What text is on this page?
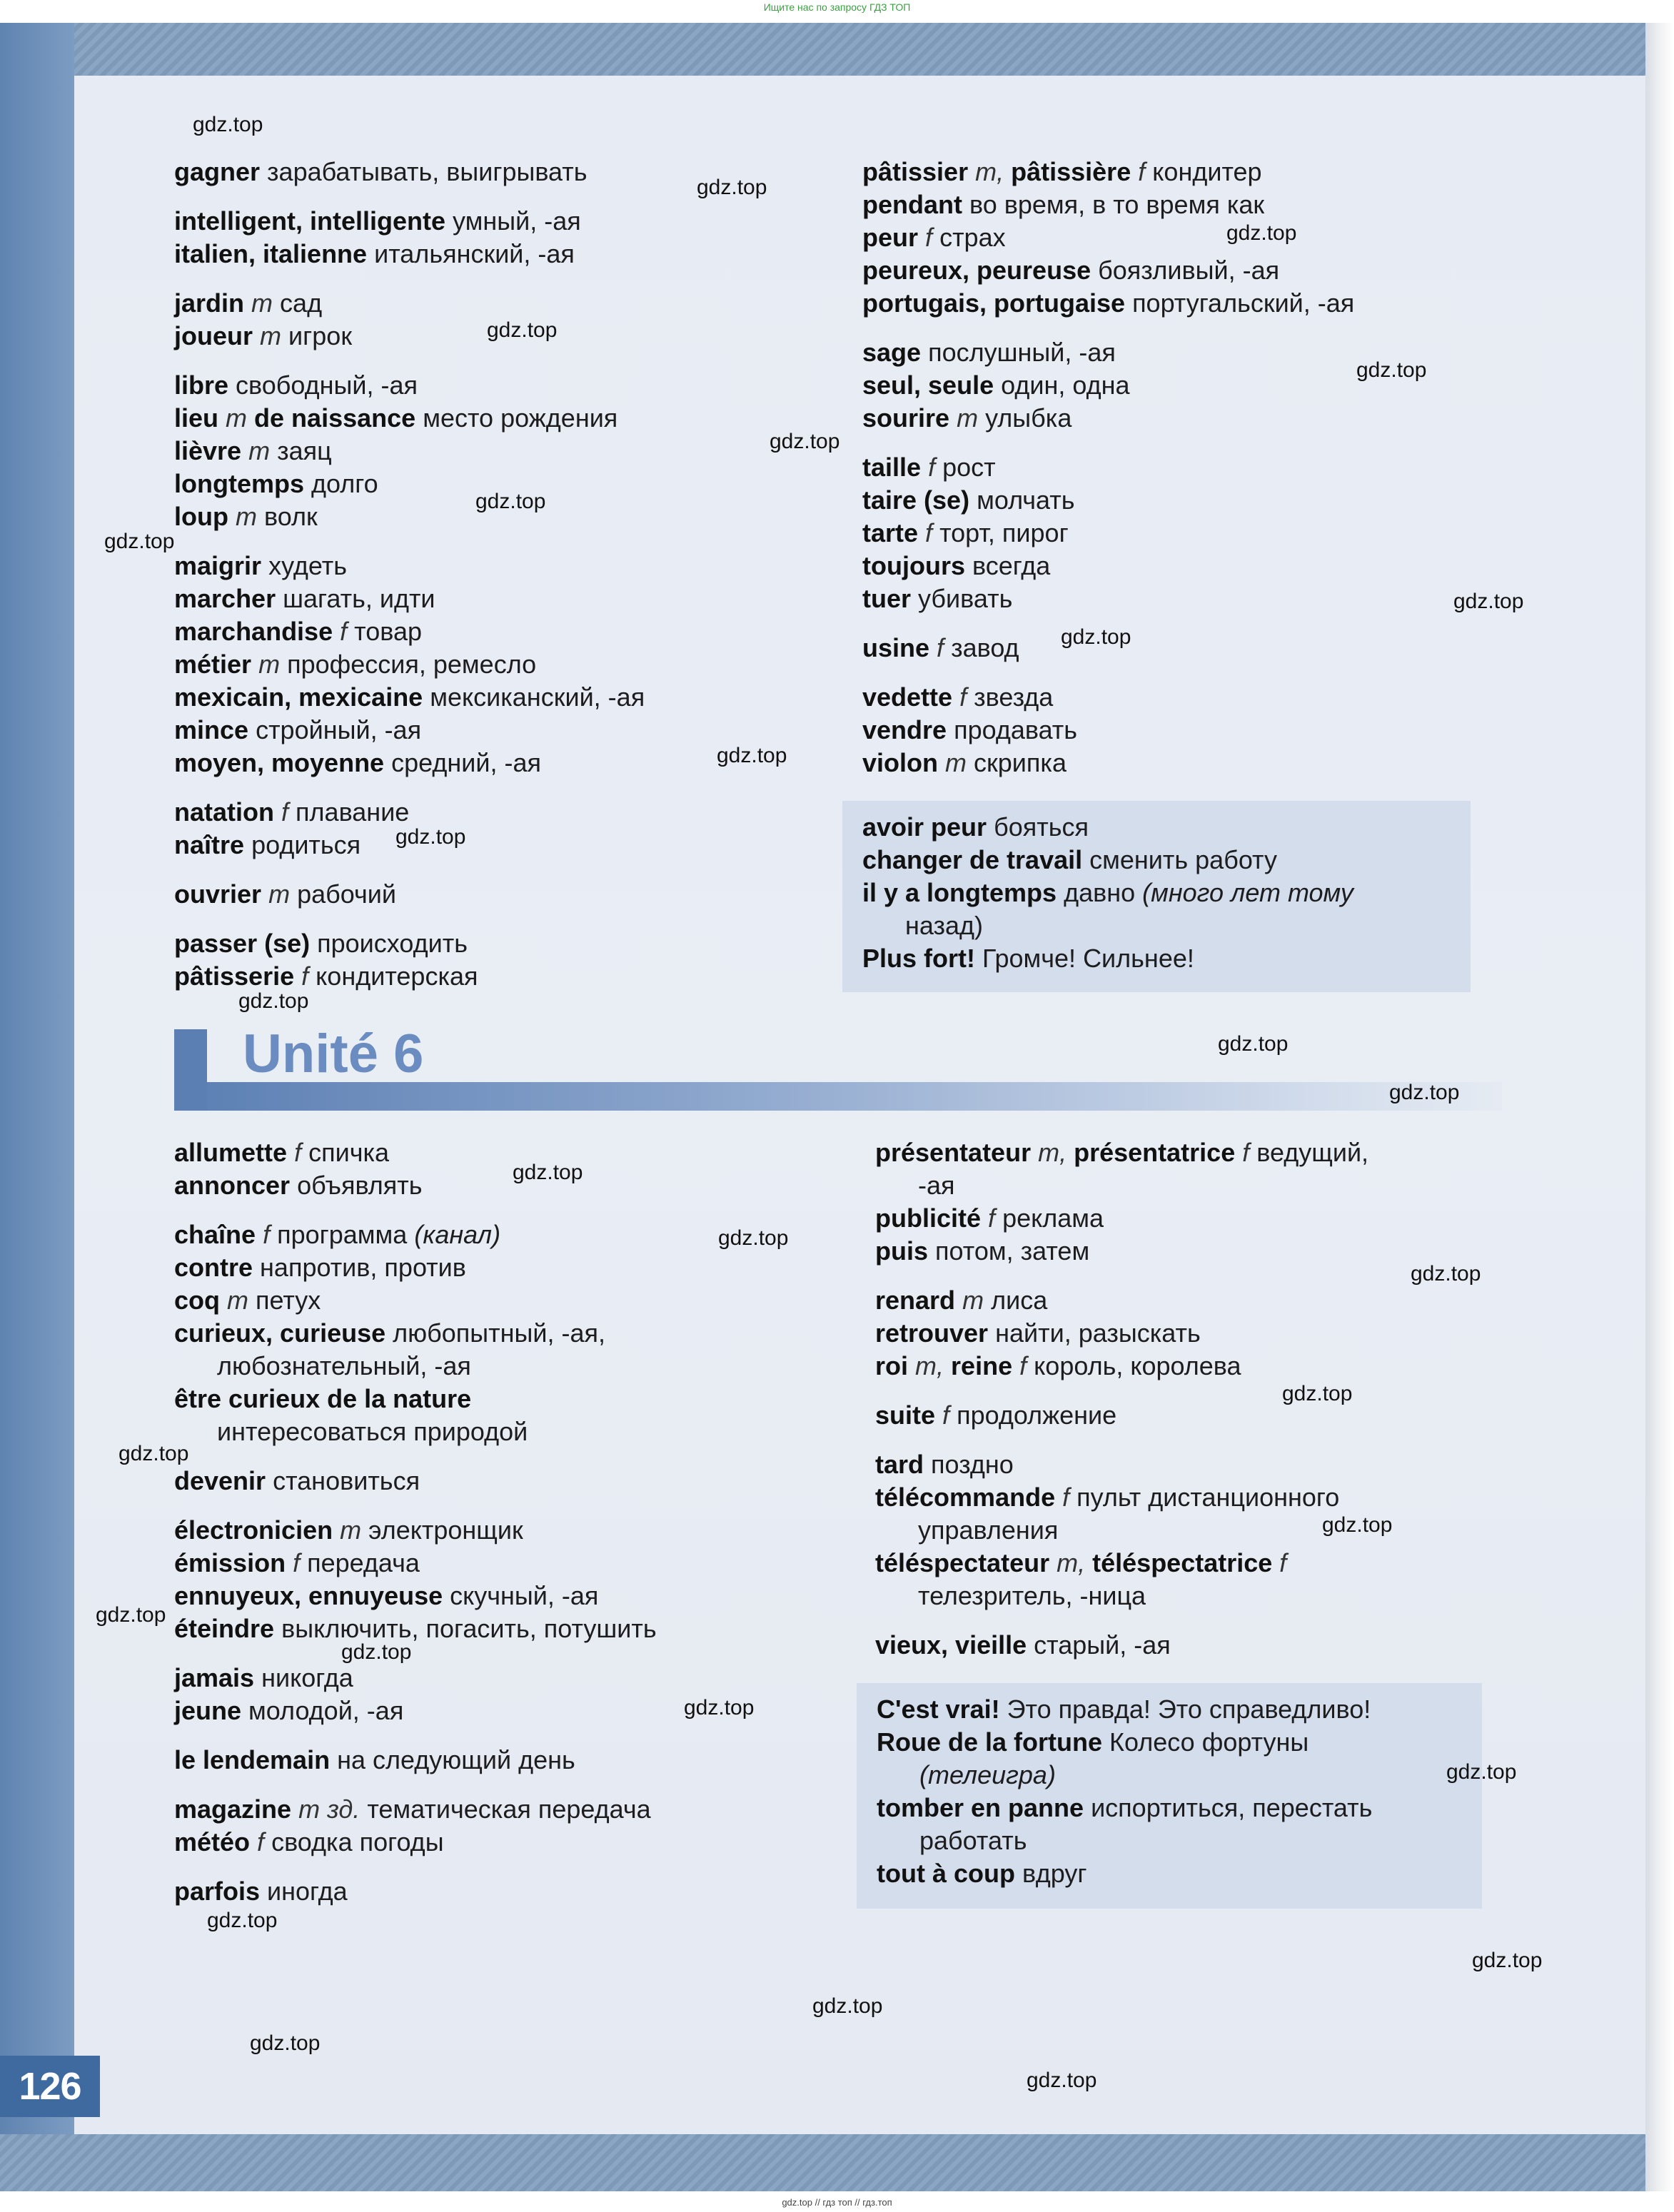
Ищите нас по запросу ГДЗ ТОП
126
gagner зарабатывать, выигрывать
intelligent, intelligente умный, -ая
italien, italienne итальянский, -ая
jardin m сад
joueur m игрок
libre свободный, -ая
lieu m de naissance место рождения
lièvre m заяц
longtemps долго
loup m волк
maigrir худеть
marcher шагать, идти
marchandise f товар
métier m профессия, ремесло
mexicain, mexicaine мексиканский, -ая
mince стройный, -ая
moyen, moyenne средний, -ая
natation f плавание
naître родиться
ouvrier m рабочий
passer (se) происходить
pâtisserie f кондитерская
pâtissier m, pâtissière f кондитер
pendant во время, в то время как
peur f страх
peureux, peureuse боязливый, -ая
portugais, portugaise португальский, -ая
sage послушный, -ая
seul, seule один, одна
sourire m улыбка
taille f рост
taire (se) молчать
tarte f торт, пирог
toujours всегда
tuer убивать
usine f завод
vedette f звезда
vendre продавать
violon m скрипка
avoir peur бояться
changer de travail сменить работу
il y a longtemps давно (много лет тому
назад)
Plus fort! Громче! Сильнее!
Unité 6
allumette f спичка
annoncer объявлять
chaîne f программа (канал)
contre напротив, против
coq m петух
curieux, curieuse любопытный, -ая,
любознательный, -ая
être curieux de la nature
интересоваться природой
devenir становиться
électronicien m электронщик
émission f передача
ennuyeux, ennuyeuse скучный, -ая
éteindre выключить, погасить, потушить
jamais никогда
jeune молодой, -ая
le lendemain на следующий день
magazine m зд. тематическая передача
météo f сводка погоды
parfois иногда
présentateur m, présentatrice f ведущий,
-ая
publicité f реклама
puis потом, затем
renard m лиса
retrouver найти, разыскать
roi m, reine f король, королева
suite f продолжение
tard поздно
télécommande f пульт дистанционного
управления
téléspectateur m, téléspectatrice f
телезритель, -ница
vieux, vieille старый, -ая
C'est vrai! Это правда! Это справедливо!
Roue de la fortune Колесо фортуны
(телеигра)
tomber en panne испортиться, перестать
работать
tout à coup вдруг
gdz.top
gdz.top
gdz.top
gdz.top
gdz.top
gdz.top
gdz.top
gdz.top
gdz.top
gdz.top
gdz.top
gdz.top
gdz.top
gdz.top
gdz.top
gdz.top
gdz.top
gdz.top
gdz.top
gdz.top
gdz.top
gdz.top
gdz.top
gdz.top
gdz.top
gdz.top
gdz.top
gdz.top
gdz.top
gdz.top
gdz.top // гдз топ // гдз.топ
